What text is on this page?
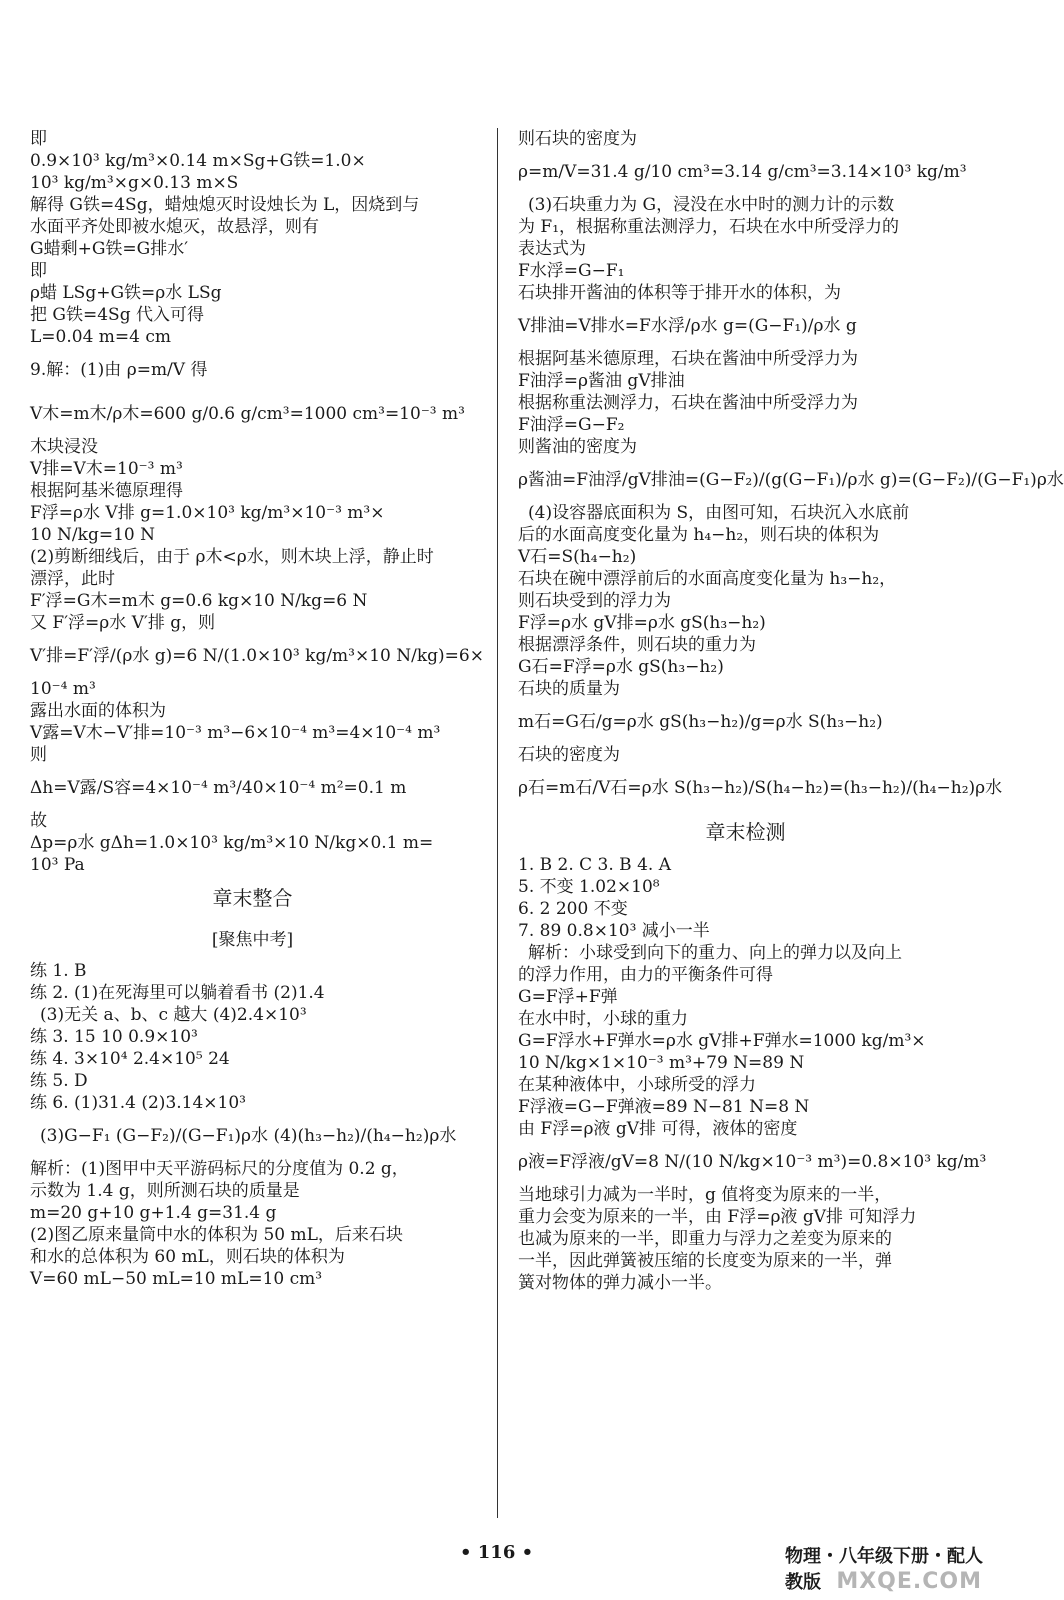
即
0.9×10³ kg/m³×0.14 m×Sg+G铁=1.0×
10³ kg/m³×g×0.13 m×S
解得 G铁=4Sg，蜡烛熄灭时设烛长为 L，因烧到与
水面平齐处即被水熄灭，故悬浮，则有
G蜡剩+G铁=G排水′
即
ρ蜡 LSg+G铁=ρ水 LSg
把 G铁=4Sg 代入可得
L=0.04 m=4 cm
9.解：(1)由 ρ=m/V 得
V木=m木/ρ木=600 g/0.6 g/cm³=1000 cm³=10⁻³ m³
木块浸没
V排=V木=10⁻³ m³
根据阿基米德原理得
F浮=ρ水 V排 g=1.0×10³ kg/m³×10⁻³ m³×
10 N/kg=10 N
(2)剪断细线后，由于 ρ木<ρ水，则木块上浮，静止时
漂浮，此时
F′浮=G木=m木 g=0.6 kg×10 N/kg=6 N
又 F′浮=ρ水 V′排 g，则
V′排=F′浮/(ρ水 g)=6 N/(1.0×10³ kg/m³×10 N/kg)=6×
10⁻⁴ m³
露出水面的体积为
V露=V木−V′排=10⁻³ m³−6×10⁻⁴ m³=4×10⁻⁴ m³
则
Δh=V露/S容=4×10⁻⁴ m³/40×10⁻⁴ m²=0.1 m
故
Δp=ρ水 gΔh=1.0×10³ kg/m³×10 N/kg×0.1 m=
10³ Pa
章末整合
[聚焦中考]
练 1. B
练 2. (1)在死海里可以躺着看书 (2)1.4
(3)无关 a、b、c 越大 (4)2.4×10³
练 3. 15 10 0.9×10³
练 4. 3×10⁴ 2.4×10⁵ 24
练 5. D
练 6. (1)31.4 (2)3.14×10³
(3)G−F₁ (G−F₂)/(G−F₁)ρ水 (4)(h₃−h₂)/(h₄−h₂)ρ水
解析：(1)图甲中天平游码标尺的分度值为 0.2 g，
示数为 1.4 g，则所测石块的质量是
m=20 g+10 g+1.4 g=31.4 g
(2)图乙原来量筒中水的体积为 50 mL，后来石块
和水的总体积为 60 mL，则石块的体积为
V=60 mL−50 mL=10 mL=10 cm³
则石块的密度为
ρ=m/V=31.4 g/10 cm³=3.14 g/cm³=3.14×10³ kg/m³
(3)石块重力为 G，浸没在水中时的测力计的示数
为 F₁，根据称重法测浮力，石块在水中所受浮力的
表达式为
F水浮=G−F₁
石块排开酱油的体积等于排开水的体积，为
V排油=V排水=F水浮/ρ水 g=(G−F₁)/ρ水 g
根据阿基米德原理，石块在酱油中所受浮力为
F油浮=ρ酱油 gV排油
根据称重法测浮力，石块在酱油中所受浮力为
F油浮=G−F₂
则酱油的密度为
ρ酱油=F油浮/gV排油=(G−F₂)/(g(G−F₁)/ρ水 g)=(G−F₂)/(G−F₁)ρ水
(4)设容器底面积为 S，由图可知，石块沉入水底前
后的水面高度变化量为 h₄−h₂，则石块的体积为
V石=S(h₄−h₂)
石块在碗中漂浮前后的水面高度变化量为 h₃−h₂，
则石块受到的浮力为
F浮=ρ水 gV排=ρ水 gS(h₃−h₂)
根据漂浮条件，则石块的重力为
G石=F浮=ρ水 gS(h₃−h₂)
石块的质量为
m石=G石/g=ρ水 gS(h₃−h₂)/g=ρ水 S(h₃−h₂)
石块的密度为
ρ石=m石/V石=ρ水 S(h₃−h₂)/S(h₄−h₂)=(h₃−h₂)/(h₄−h₂)ρ水
章末检测
1. B 2. C 3. B 4. A
5. 不变 1.02×10⁸
6. 2 200 不变
7. 89 0.8×10³ 减小一半
解析：小球受到向下的重力、向上的弹力以及向上
的浮力作用，由力的平衡条件可得
G=F浮+F弹
在水中时，小球的重力
G=F浮水+F弹水=ρ水 gV排+F弹水=1000 kg/m³×
10 N/kg×1×10⁻³ m³+79 N=89 N
在某种液体中，小球所受的浮力
F浮液=G−F弹液=89 N−81 N=8 N
由 F浮=ρ液 gV排 可得，液体的密度
ρ液=F浮液/gV=8 N/(10 N/kg×10⁻³ m³)=0.8×10³ kg/m³
当地球引力减为一半时，g 值将变为原来的一半，
重力会变为原来的一半，由 F浮=ρ液 gV排 可知浮力
也减为原来的一半，即重力与浮力之差变为原来的
一半，因此弹簧被压缩的长度变为原来的一半，弹
簧对物体的弹力减小一半。
• 116 •	物理・八年级下册・配人教版 MXQE.COM
